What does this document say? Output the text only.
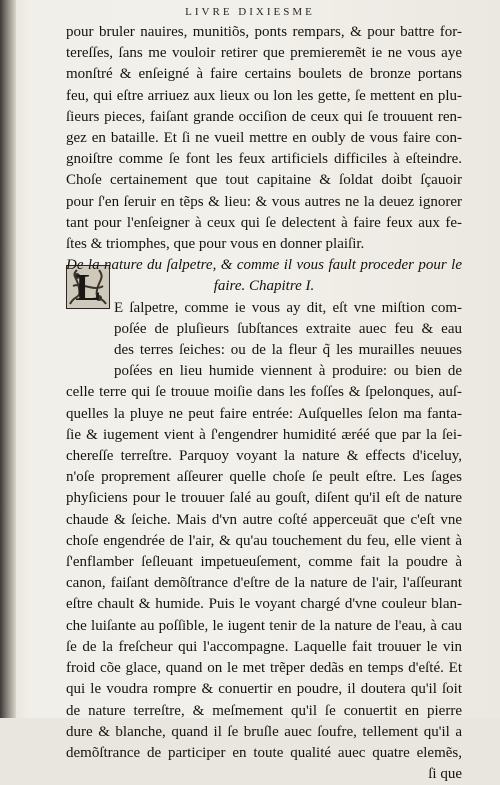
LIVRE DIXIESME
L
pour bruler nauires, munitiõs, ponts rempars, & pour battre for-
tereſſes, ſans me vouloir retirer que premieremẽt ie ne vous aye
monſtré & enſeigné à faire certains boulets de bronze portans
feu, qui eſtre arriuez aux lieux ou lon les gette, ſe mettent en plu-
ſieurs pieces, faiſant grande occiſion de ceux qui ſe trouuent ren-
gez en bataille. Et ſi ne vueil mettre en oubly de vous faire con-
gnoiſtre comme ſe font les feux artificiels difficiles à eſteindre.
Choſe certainement que tout capitaine & ſoldat doibt ſçauoir
pour ſ'en ſeruir en tẽps & lieu: & vous autres ne la deuez ignorer
tant pour l'enſeigner à ceux qui ſe delectent à faire feux aux fe-
ſtes & triomphes, que pour vous en donner plaiſir.
De la nature du ſalpetre, & comme il vous fault proceder pour le
faire. Chapitre I.
E ſalpetre, comme ie vous ay dit, eſt vne miſtion com-
poſée de pluſieurs ſubſtances extraite auec feu & eau
des terres ſeiches: ou de la fleur q̃ les murailles neuues
poſées en lieu humide viennent à produire: ou bien de
celle terre qui ſe trouue moiſie dans les foſſes & ſpelonques, auſ-
quelles la pluye ne peut faire entrée: Auſquelles ſelon ma fanta-
ſie & iugement vient à ſ'engendrer humidité æréé que par la ſei-
chereſſe terreſtre. Parquoy voyant la nature & effects d'iceluy,
n'oſe proprement aſſeurer quelle choſe ſe peult eſtre. Les ſages
phyſiciens pour le trouuer ſalé au gouſt, diſent qu'il eſt de nature
chaude & ſeiche. Mais d'vn autre coſté apperceuāt que c'eſt vne
choſe engendrée de l'air, & qu'au touchement du feu, elle vient à
ſ'enflamber ſeſleuant impetueuſement, comme fait la poudre à
canon, faiſant demõſtrance d'eſtre de la nature de l'air, l'aſſeurant
eſtre chault & humide. Puis le voyant chargé d'vne couleur blan-
che luiſante au poſſible, le iugent tenir de la nature de l'eau, à cau
ſe de la freſcheur qui l'accompagne. Laquelle fait trouuer le vin
froid cõe glace, quand on le met trẽper dedãs en temps d'eſté. Et
qui le voudra rompre & conuertir en poudre, il doutera qu'il ſoit
de nature terreſtre, & meſmement qu'il ſe conuertit en pierre
dure & blanche, quand il ſe bruſle auec ſoufre, tellement qu'il a
demõſtrance de participer en toute qualité auec quatre elemẽs,
ſi que
